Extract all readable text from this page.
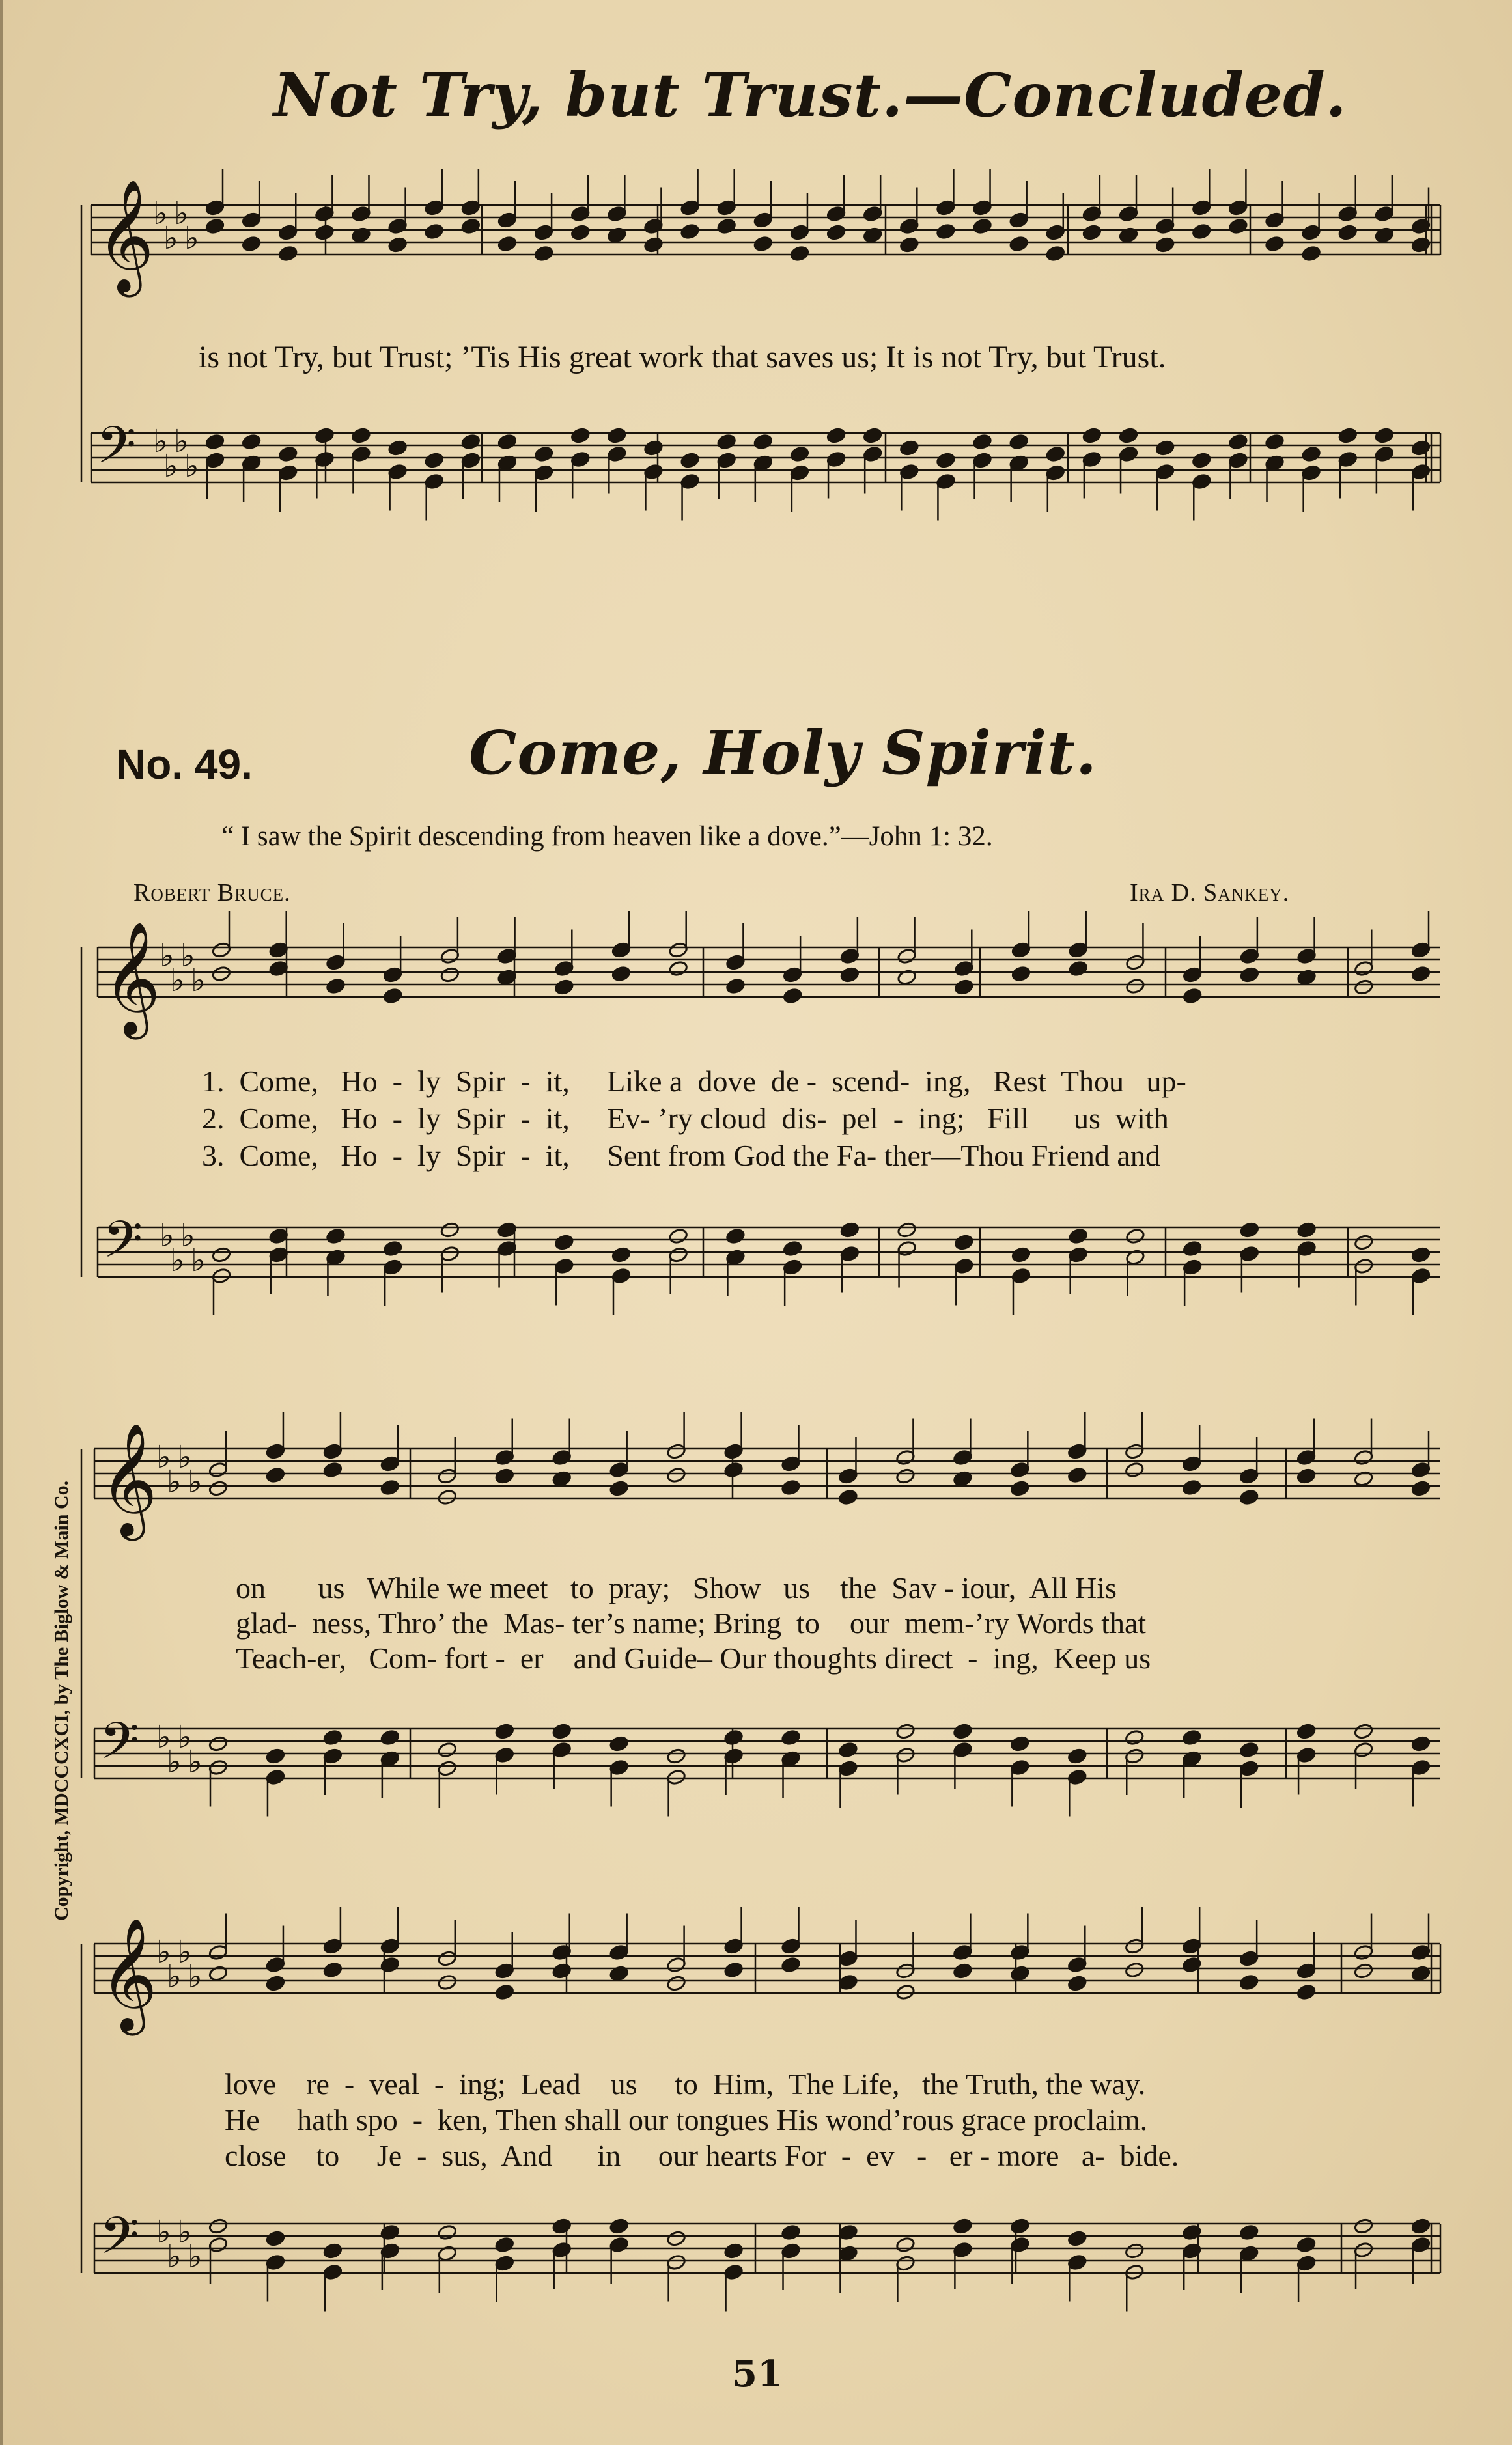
𝄞
♭
♭
♭
♭
𝄢 ♭
♭
♭
♭
𝄞
♭
♭
♭
♭
𝄢 ♭
♭
♭
♭
𝄞
♭
♭
♭
♭
𝄢 ♭
♭
♭
♭
𝄞
♭
♭
♭
♭
𝄢 ♭
♭
♭
♭
Not Try, but Trust.—Concluded.
is not Try, but Trust; ’Tis His great work that saves us; It is not Try, but Trust.
No. 49.	Come, Holy Spirit.
“ I saw the Spirit descending from heaven like a dove.”—John 1: 32.
Robert Bruce.	Ira D. Sankey.
1.  Come,   Ho  -  ly  Spir  -  it,     Like a  dove  de -  scend-  ing,   Rest  Thou   up-
2.  Come,   Ho  -  ly  Spir  -  it,     Ev- ’ry cloud  dis-  pel  -  ing;   Fill      us  with
3.  Come,   Ho  -  ly  Spir  -  it,     Sent from God the Fa- ther—Thou Friend and
on       us   While we meet   to  pray;   Show   us    the  Sav - iour,  All His
glad-  ness, Thro’ the  Mas- ter’s name; Bring  to    our  mem-’ry Words that
Teach-er,   Com- fort -  er    and Guide– Our thoughts direct  -  ing,  Keep us
love    re  -  veal  -  ing;  Lead    us     to  Him,  The Life,   the Truth, the way.
He     hath spo  -  ken, Then shall our tongues His wond’rous grace proclaim.
close    to     Je  -  sus,  And      in     our hearts For  -  ev   -   er - more   a-  bide.
Copyright, MDCCCXCI, by The Biglow & Main Co.
51
